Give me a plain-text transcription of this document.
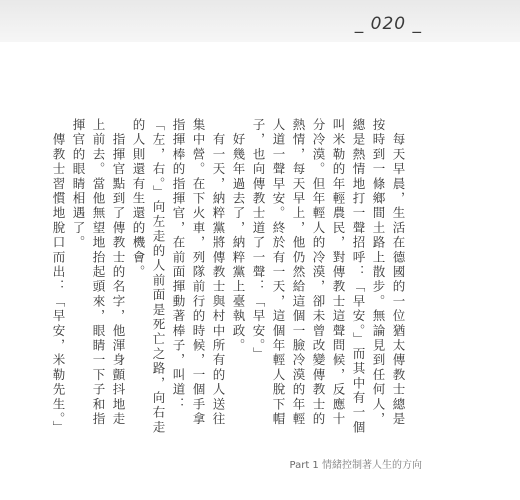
_ 020 _

　每天早晨，生活在德國的一位猶太傳教士總是按時到一條鄉間土路上散步。無論見到任何人，總是熱情地打一聲招呼：「早安。」而其中有一個叫米勒的年輕農民，對傳教士這聲問候，反應十分冷漠。但年輕人的冷漠，卻未曾改變傳教士的熱情，每天早上，他仍然給這個一臉冷漠的年輕人道一聲早安。終於有一天，這個年輕人脫下帽子，也向傳教士道了一聲：「早安。」

　好幾年過去了，納粹黨上臺執政。

　有一天，納粹黨將傳教士與村中所有的人送往集中營。在下火車，列隊前行的時候，一個手拿指揮棒的指揮官，在前面揮動著棒子，叫道：「左，右。」向左走的人前面是死亡之路，向右走的人則還有生還的機會。

　指揮官點到了傳教士的名字，他渾身顫抖地走上前去。當他無望地抬起頭來，眼睛一下子和指揮官的眼睛相遇了。

　傳教士習慣地脫口而出：「早安，米勒先生。」

Part 1 情緒控制著人生的方向
